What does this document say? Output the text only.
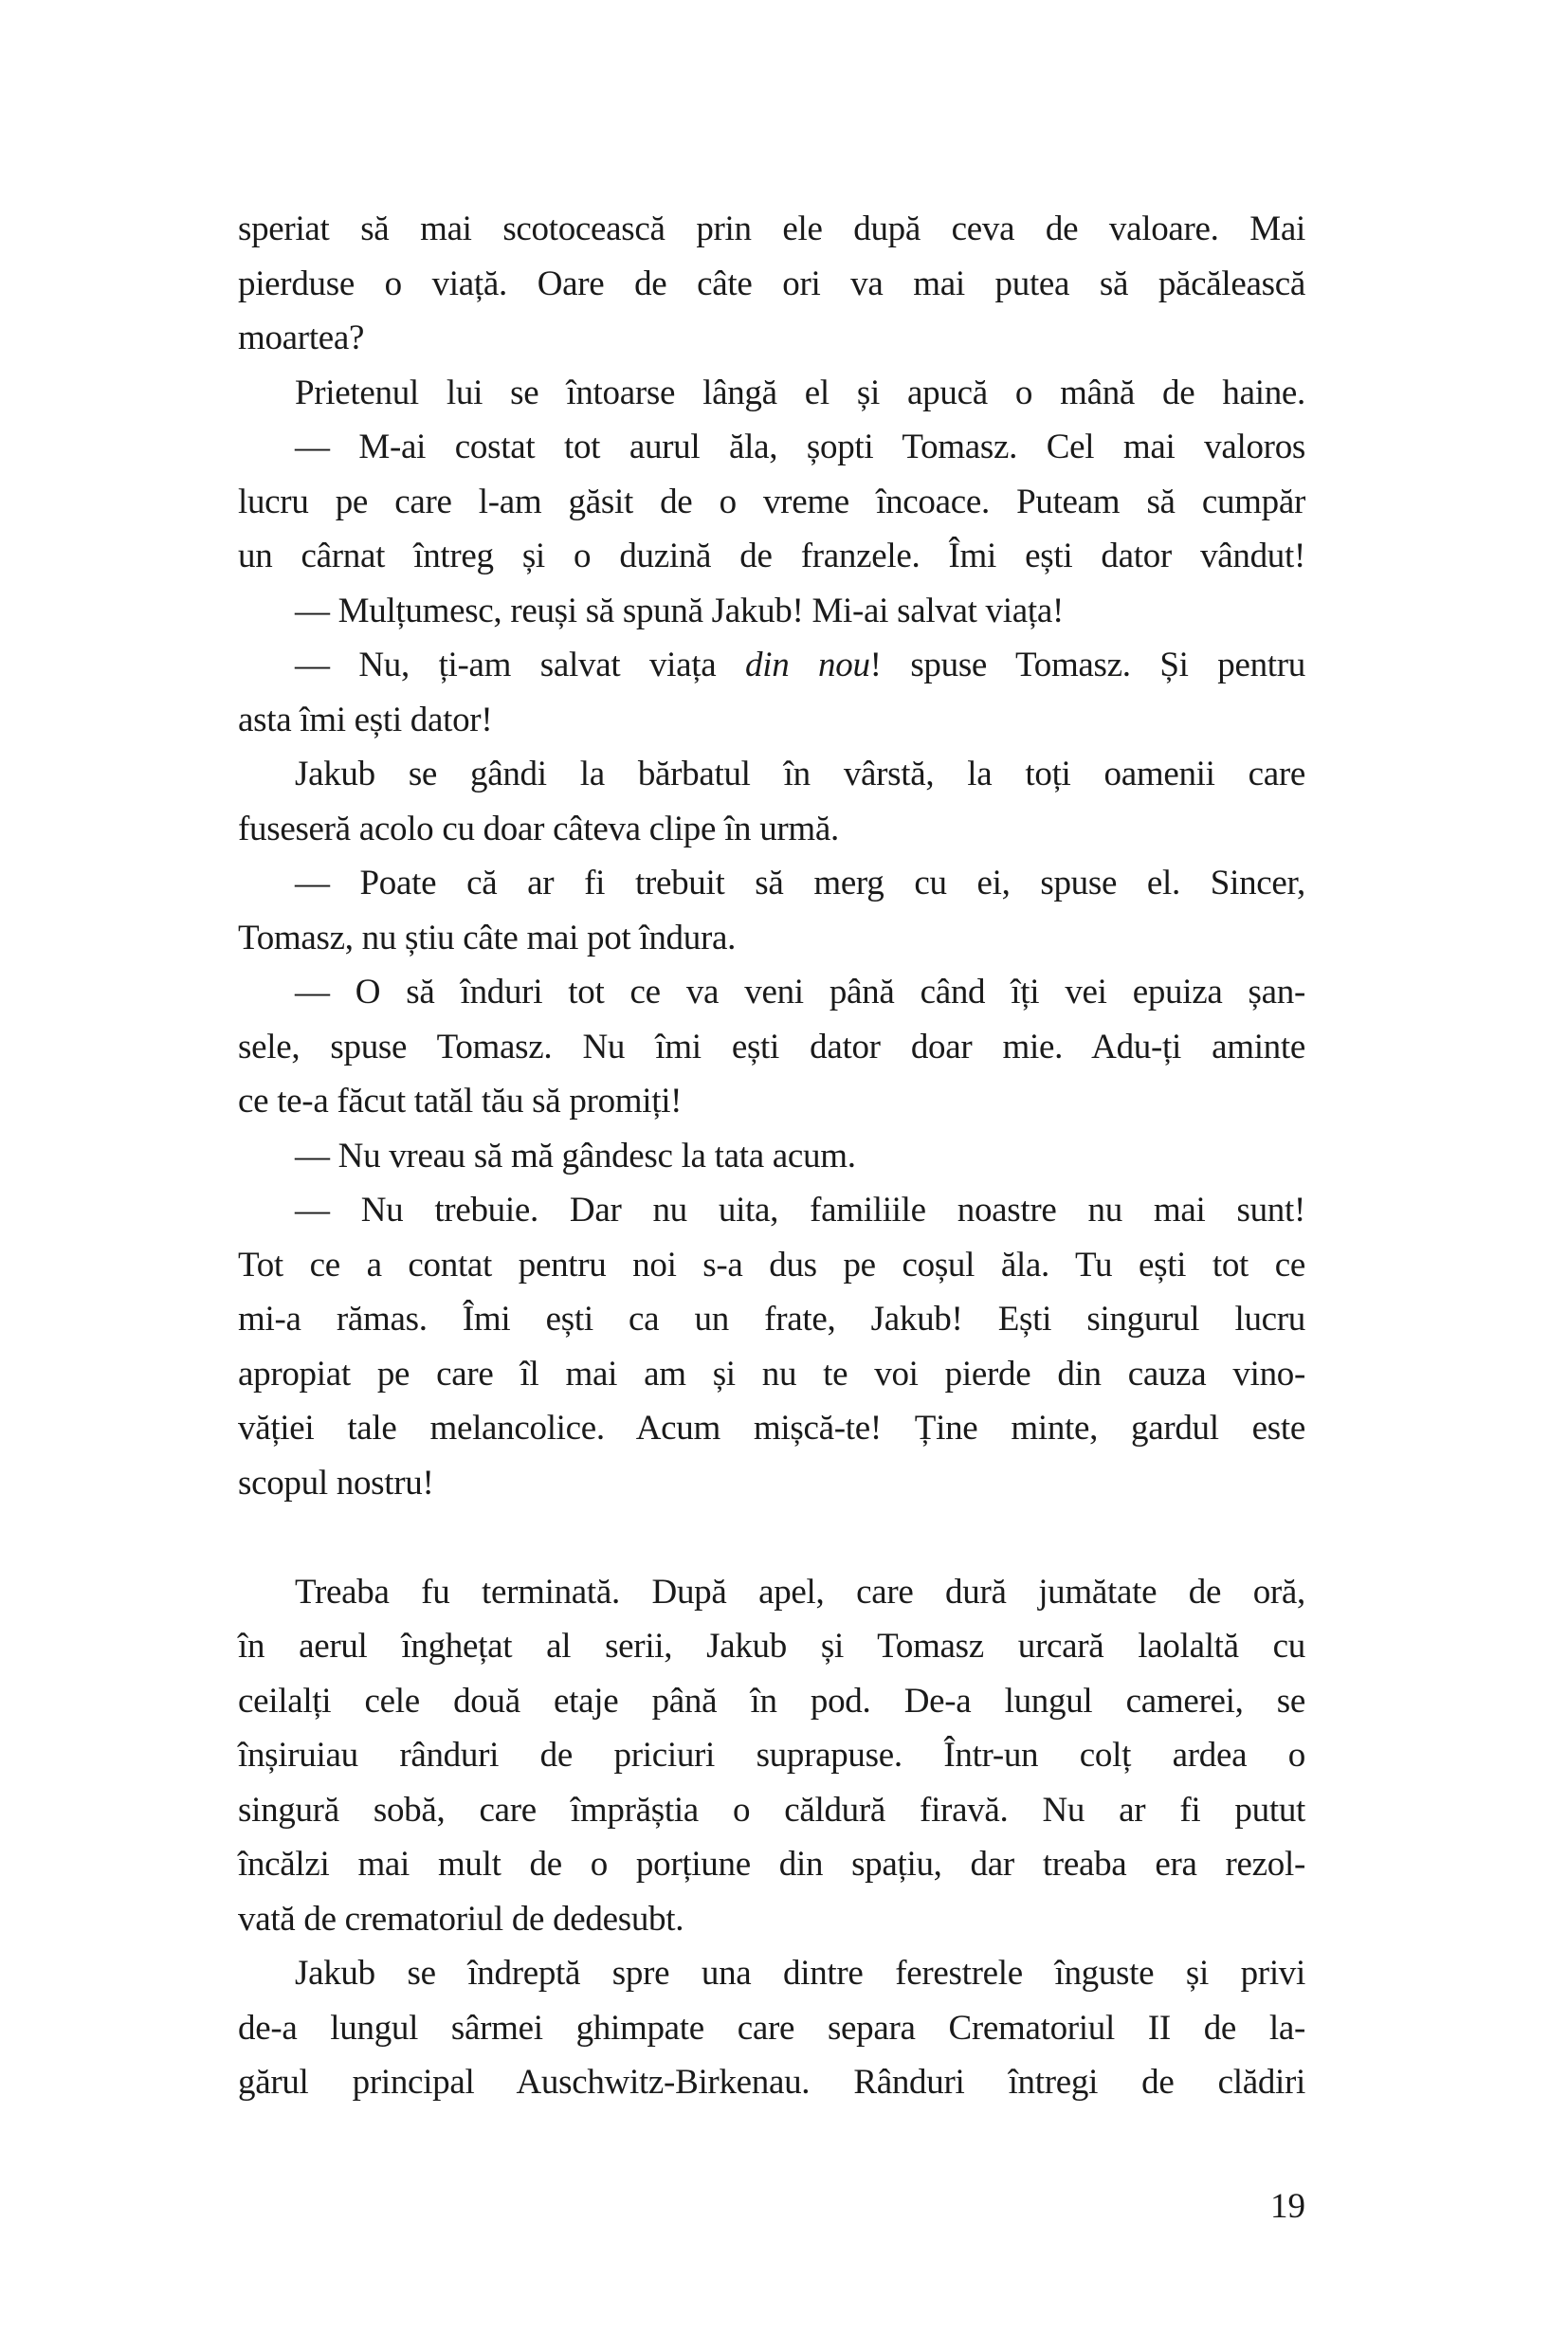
speriat să mai scotocească prin ele după ceva de valoare. Mai
pierduse o viață. Oare de câte ori va mai putea să păcălească
moartea?
Prietenul lui se întoarse lângă el și apucă o mână de haine.
— M-ai costat tot aurul ăla, șopti Tomasz. Cel mai valoros
lucru pe care l-am găsit de o vreme încoace. Puteam să cumpăr
un cârnat întreg și o duzină de franzele. Îmi ești dator vândut!
— Mulțumesc, reuși să spună Jakub! Mi-ai salvat viața!
— Nu, ți-am salvat viața din nou! spuse Tomasz. Și pentru
asta îmi ești dator!
Jakub se gândi la bărbatul în vârstă, la toți oamenii care
fuseseră acolo cu doar câteva clipe în urmă.
— Poate că ar fi trebuit să merg cu ei, spuse el. Sincer,
Tomasz, nu știu câte mai pot îndura.
— O să înduri tot ce va veni până când îți vei epuiza șan-
sele, spuse Tomasz. Nu îmi ești dator doar mie. Adu-ți aminte
ce te-a făcut tatăl tău să promiți!
— Nu vreau să mă gândesc la tata acum.
— Nu trebuie. Dar nu uita, familiile noastre nu mai sunt!
Tot ce a contat pentru noi s-a dus pe coșul ăla. Tu ești tot ce
mi-a rămas. Îmi ești ca un frate, Jakub! Ești singurul lucru
apropiat pe care îl mai am și nu te voi pierde din cauza vino-
văției tale melancolice. Acum mișcă-te! Ține minte, gardul este
scopul nostru!
Treaba fu terminată. După apel, care dură jumătate de oră,
în aerul înghețat al serii, Jakub și Tomasz urcară laolaltă cu
ceilalți cele două etaje până în pod. De-a lungul camerei, se
înșiruiau rânduri de priciuri suprapuse. Într-un colț ardea o
singură sobă, care împrăștia o căldură firavă. Nu ar fi putut
încălzi mai mult de o porțiune din spațiu, dar treaba era rezol-
vată de crematoriul de dedesubt.
Jakub se îndreptă spre una dintre ferestrele înguste și privi
de-a lungul sârmei ghimpate care separa Crematoriul II de la-
gărul principal Auschwitz-Birkenau. Rânduri întregi de clădiri
19
